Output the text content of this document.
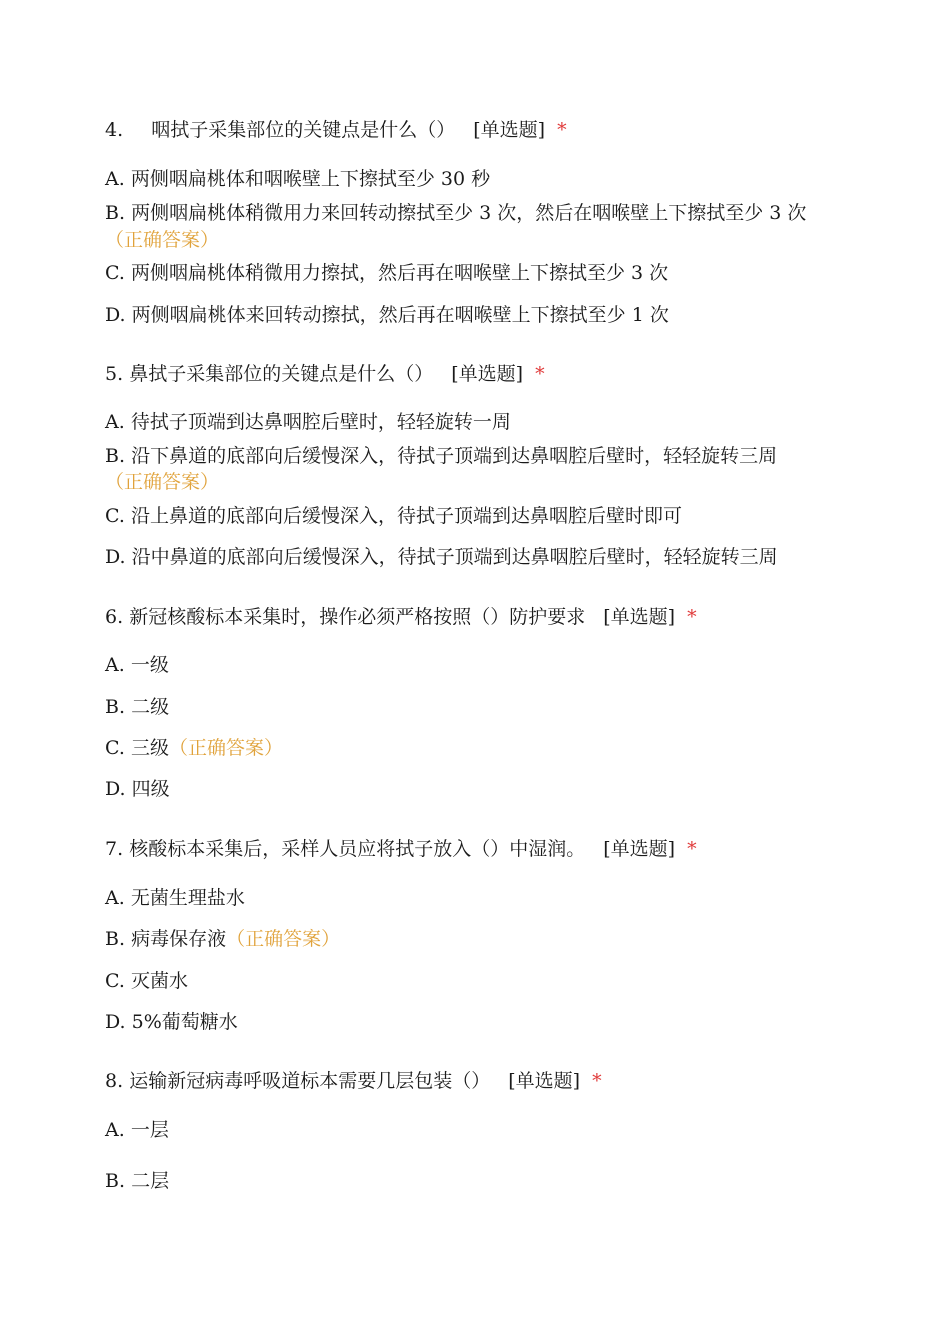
4. 咽拭子采集部位的关键点是什么（） [单选题] *
A. 两侧咽扁桃体和咽喉壁上下擦拭至少 30 秒
B. 两侧咽扁桃体稍微用力来回转动擦拭至少 3 次，然后在咽喉壁上下擦拭至少 3 次
（正确答案）
C. 两侧咽扁桃体稍微用力擦拭，然后再在咽喉壁上下擦拭至少 3 次
D. 两侧咽扁桃体来回转动擦拭，然后再在咽喉壁上下擦拭至少 1 次
5. 鼻拭子采集部位的关键点是什么（） [单选题] *
A. 待拭子顶端到达鼻咽腔后壁时，轻轻旋转一周
B. 沿下鼻道的底部向后缓慢深入，待拭子顶端到达鼻咽腔后壁时，轻轻旋转三周
（正确答案）
C. 沿上鼻道的底部向后缓慢深入，待拭子顶端到达鼻咽腔后壁时即可
D. 沿中鼻道的底部向后缓慢深入，待拭子顶端到达鼻咽腔后壁时，轻轻旋转三周
6. 新冠核酸标本采集时，操作必须严格按照（）防护要求 [单选题] *
A. 一级
B. 二级
C. 三级（正确答案）
D. 四级
7. 核酸标本采集后，采样人员应将拭子放入（）中湿润。 [单选题] *
A. 无菌生理盐水
B. 病毒保存液（正确答案）
C. 灭菌水
D. 5%葡萄糖水
8. 运输新冠病毒呼吸道标本需要几层包装（） [单选题] *
A. 一层
B. 二层
